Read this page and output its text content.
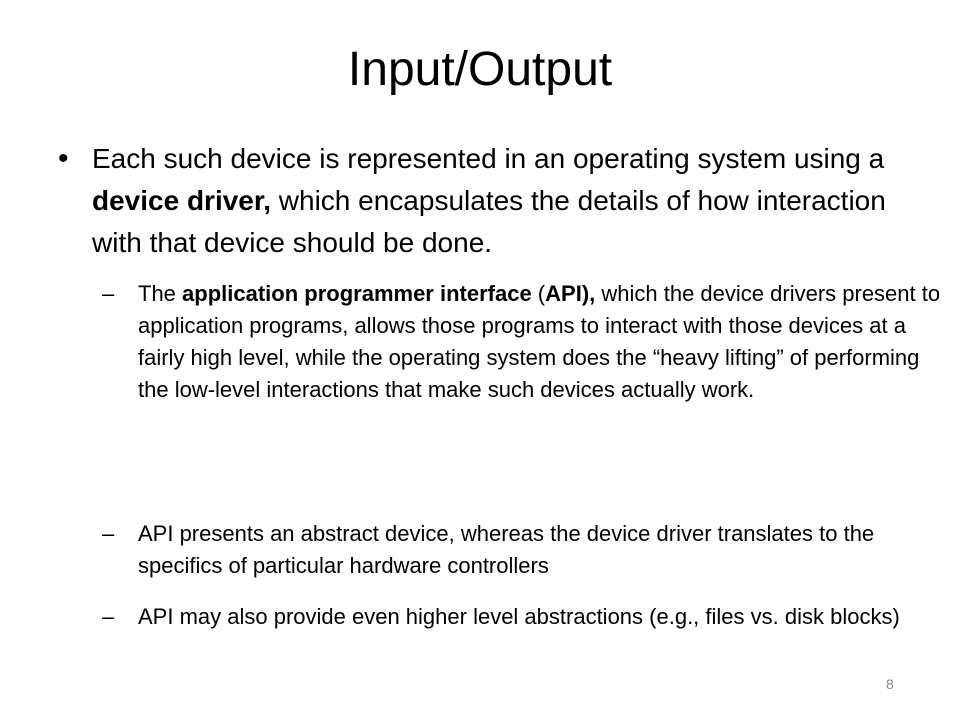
Input/Output
• Each such device is represented in an operating system using a device driver, which encapsulates the details of how interaction with that device should be done.
– The application programmer interface (API), which the device drivers present to application programs, allows those programs to interact with those devices at a fairly high level, while the operating system does the “heavy lifting” of performing the low-level interactions that make such devices actually work.
– API presents an abstract device, whereas the device driver translates to the specifics of particular hardware controllers
– API may also provide even higher level abstractions (e.g., files vs. disk blocks)
8
